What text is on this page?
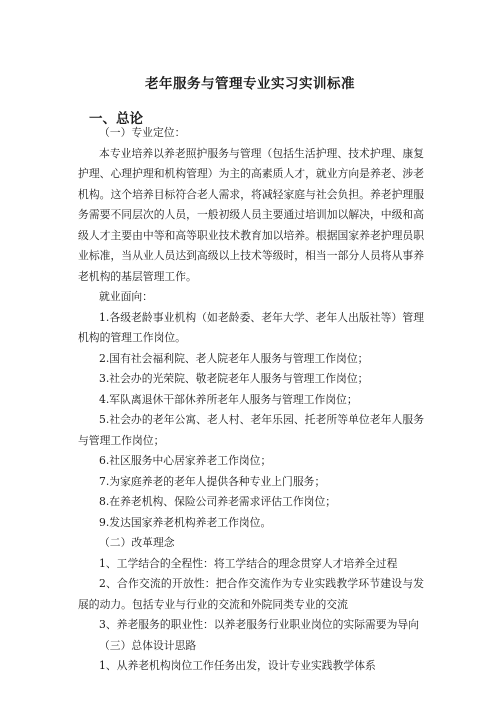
老年服务与管理专业实习实训标准
一、总论

（一）专业定位：

本专业培养以养老照护服务与管理（包括生活护理、技术护理、康复护理、心理护理和机构管理）为主的高素质人才，就业方向是养老、涉老机构。这个培养目标符合老人需求，将减轻家庭与社会负担。养老护理服务需要不同层次的人员，一般初级人员主要通过培训加以解决，中级和高级人才主要由中等和高等职业技术教育加以培养。根据国家养老护理员职业标准，当从业人员达到高级以上技术等级时，相当一部分人员将从事养老机构的基层管理工作。

就业面向：

1.各级老龄事业机构（如老龄委、老年大学、老年人出版社等）管理机构的管理工作岗位。

2.国有社会福利院、老人院老年人服务与管理工作岗位；

3.社会办的光荣院、敬老院老年人服务与管理工作岗位；

4.军队离退休干部休养所老年人服务与管理工作岗位；

5.社会办的老年公寓、老人村、老年乐园、托老所等单位老年人服务与管理工作岗位；

6.社区服务中心居家养老工作岗位；

7.为家庭养老的老年人提供各种专业上门服务；

8.在养老机构、保险公司养老需求评估工作岗位；

9.发达国家养老机构养老工作岗位。

（二）改革理念

1、工学结合的全程性：将工学结合的理念贯穿人才培养全过程

2、合作交流的开放性：把合作交流作为专业实践教学环节建设与发展的动力。包括专业与行业的交流和外院同类专业的交流

3、养老服务的职业性：以养老服务行业职业岗位的实际需要为导向

（三）总体设计思路

1、从养老机构岗位工作任务出发，设计专业实践教学体系
